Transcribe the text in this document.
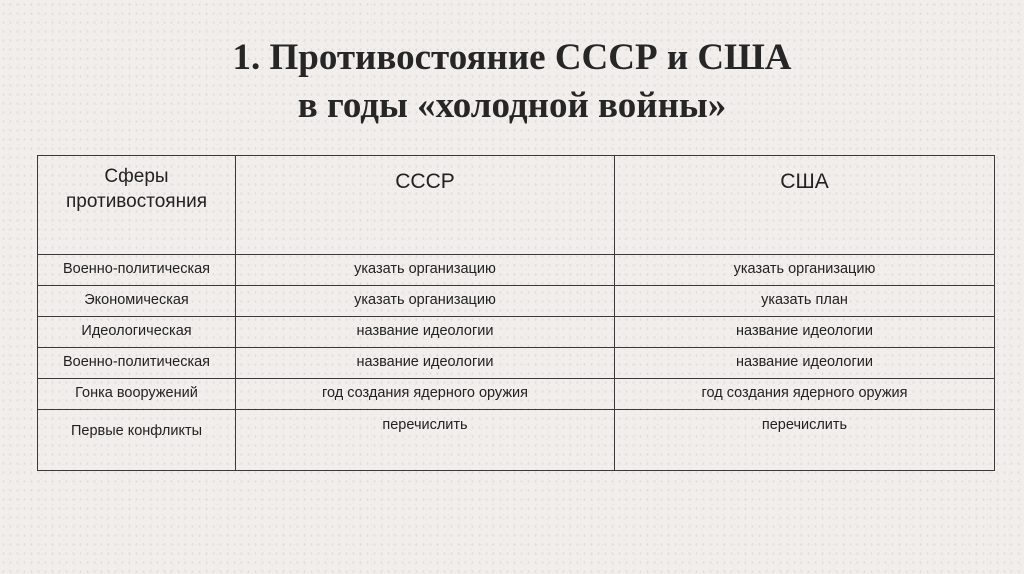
1. Противостояние СССР и США
в годы «холодной войны»
Сферы противостояния	СССР	США
Военно-политическая	указать организацию	указать организацию
Экономическая	указать организацию	указать план
Идеологическая	название идеологии	название идеологии
Военно-политическая	название идеологии	название идеологии
Гонка вооружений	год создания ядерного оружия	год создания ядерного оружия
Первые конфликты	перечислить	перечислить
